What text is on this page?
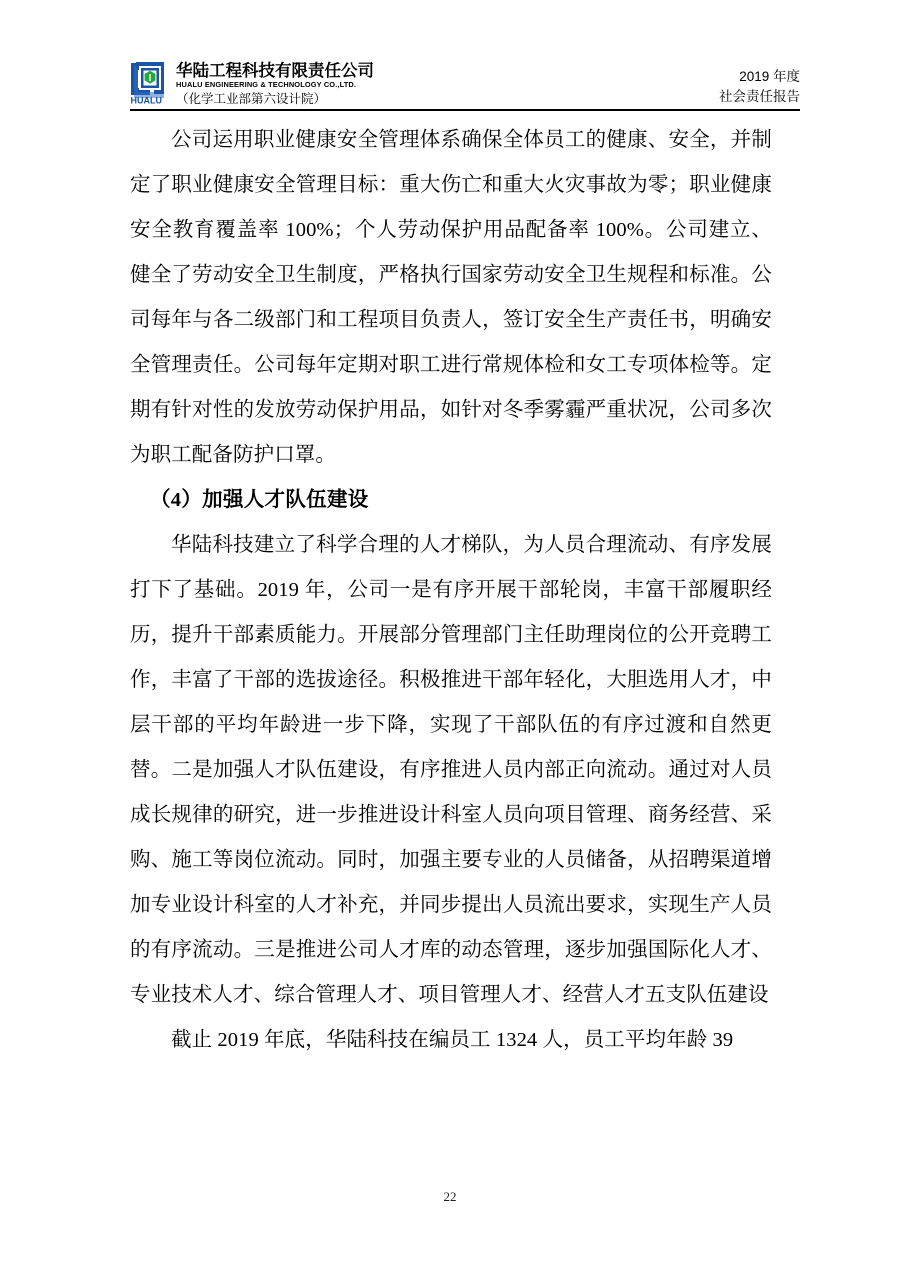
HUALU
华陆工程科技有限责任公司
HUALU ENGINEERING & TECHNOLOGY CO.,LTD.
（化学工业部第六设计院）
2019 年度
社会责任报告

公司运用职业健康安全管理体系确保全体员工的健康、安全，并制定了职业健康安全管理目标：重大伤亡和重大火灾事故为零；职业健康安全教育覆盖率 100%；个人劳动保护用品配备率 100%。公司建立、健全了劳动安全卫生制度，严格执行国家劳动安全卫生规程和标准。公司每年与各二级部门和工程项目负责人，签订安全生产责任书，明确安全管理责任。公司每年定期对职工进行常规体检和女工专项体检等。定期有针对性的发放劳动保护用品，如针对冬季雾霾严重状况，公司多次为职工配备防护口罩。

（4）加强人才队伍建设

华陆科技建立了科学合理的人才梯队，为人员合理流动、有序发展打下了基础。2019 年，公司一是有序开展干部轮岗，丰富干部履职经历，提升干部素质能力。开展部分管理部门主任助理岗位的公开竞聘工作，丰富了干部的选拔途径。积极推进干部年轻化，大胆选用人才，中层干部的平均年龄进一步下降，实现了干部队伍的有序过渡和自然更替。二是加强人才队伍建设，有序推进人员内部正向流动。通过对人员成长规律的研究，进一步推进设计科室人员向项目管理、商务经营、采购、施工等岗位流动。同时，加强主要专业的人员储备，从招聘渠道增加专业设计科室的人才补充，并同步提出人员流出要求，实现生产人员的有序流动。三是推进公司人才库的动态管理，逐步加强国际化人才、专业技术人才、综合管理人才、项目管理人才、经营人才五支队伍建设

截止 2019 年底，华陆科技在编员工 1324 人，员工平均年龄 39

22
